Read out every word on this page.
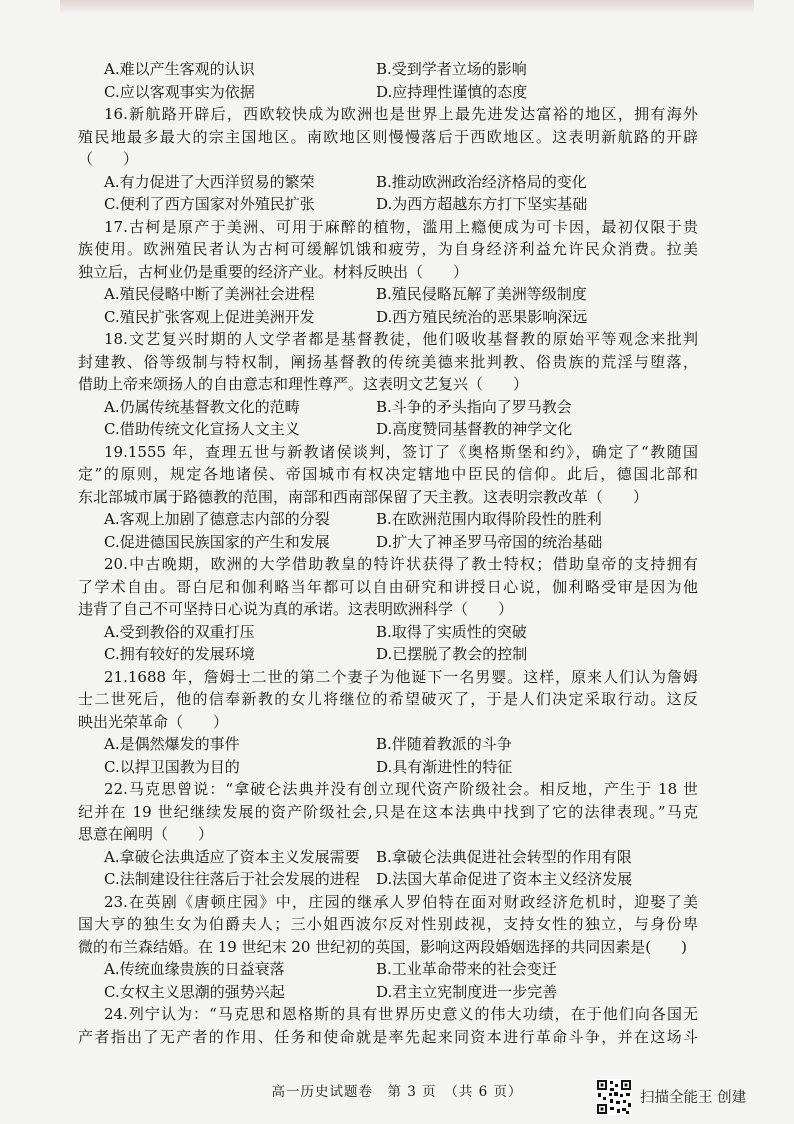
A.难以产生客观的认识	B.受到学者立场的影响
C.应以客观事实为依据	D.应持理性谨慎的态度
16.新航路开辟后，西欧较快成为欧洲也是世界上最先进发达富裕的地区，拥有海外
殖民地最多最大的宗主国地区。南欧地区则慢慢落后于西欧地区。这表明新航路的开辟
（　　）
A.有力促进了大西洋贸易的繁荣	B.推动欧洲政治经济格局的变化
C.便利了西方国家对外殖民扩张	D.为西方超越东方打下坚实基础
17.古柯是原产于美洲、可用于麻醉的植物，滥用上瘾便成为可卡因，最初仅限于贵
族使用。欧洲殖民者认为古柯可缓解饥饿和疲劳，为自身经济利益允许民众消费。拉美
独立后，古柯业仍是重要的经济产业。材料反映出（　　）
A.殖民侵略中断了美洲社会进程	B.殖民侵略瓦解了美洲等级制度
C.殖民扩张客观上促进美洲开发	D.西方殖民统治的恶果影响深远
18.文艺复兴时期的人文学者都是基督教徒，他们吸收基督教的原始平等观念来批判
封建教、俗等级制与特权制，阐扬基督教的传统美德来批判教、俗贵族的荒淫与堕落，
借助上帝来颂扬人的自由意志和理性尊严。这表明文艺复兴（　　）
A.仍属传统基督教文化的范畴	B.斗争的矛头指向了罗马教会
C.借助传统文化宣扬人文主义	D.高度赞同基督教的神学文化
19.1555 年，查理五世与新教诸侯谈判，签订了《奥格斯堡和约》，确定了“教随国
定”的原则，规定各地诸侯、帝国城市有权决定辖地中臣民的信仰。此后，德国北部和
东北部城市属于路德教的范围，南部和西南部保留了天主教。这表明宗教改革（　　）
A.客观上加剧了德意志内部的分裂	B.在欧洲范围内取得阶段性的胜利
C.促进德国民族国家的产生和发展	D.扩大了神圣罗马帝国的统治基础
20.中古晚期，欧洲的大学借助教皇的特许状获得了教士特权；借助皇帝的支持拥有
了学术自由。哥白尼和伽利略当年都可以自由研究和讲授日心说，伽利略受审是因为他
违背了自己不可坚持日心说为真的承诺。这表明欧洲科学（　　）
A.受到教俗的双重打压	B.取得了实质性的突破
C.拥有较好的发展环境	D.已摆脱了教会的控制
21.1688 年，詹姆士二世的第二个妻子为他诞下一名男婴。这样，原来人们认为詹姆
士二世死后，他的信奉新教的女儿将继位的希望破灭了，于是人们决定采取行动。这反
映出光荣革命（　　）
A.是偶然爆发的事件	B.伴随着教派的斗争
C.以捍卫国教为目的	D.具有渐进性的特征
22.马克思曾说：“拿破仑法典并没有创立现代资产阶级社会。相反地，产生于 18 世
纪并在 19 世纪继续发展的资产阶级社会,只是在这本法典中找到了它的法律表现。”马克
思意在阐明（　　）
A.拿破仑法典适应了资本主义发展需要	B.拿破仑法典促进社会转型的作用有限
C.法制建设往往落后于社会发展的进程	D.法国大革命促进了资本主义经济发展
23.在英剧《唐顿庄园》中，庄园的继承人罗伯特在面对财政经济危机时，迎娶了美
国大亨的独生女为伯爵夫人；三小姐西波尔反对性别歧视，支持女性的独立，与身份卑
微的布兰森结婚。在 19 世纪末 20 世纪初的英国，影响这两段婚姻选择的共同因素是(　　)
A.传统血缘贵族的日益衰落	B.工业革命带来的社会变迁
C.女权主义思潮的强势兴起	D.君主立宪制度进一步完善
24.列宁认为：“马克思和恩格斯的具有世界历史意义的伟大功绩，在于他们向各国无
产者指出了无产者的作用、任务和使命就是率先起来同资本进行革命斗争，并在这场斗
高一历史试题卷　第 3 页　（共 6 页）	扫描全能王 创建
